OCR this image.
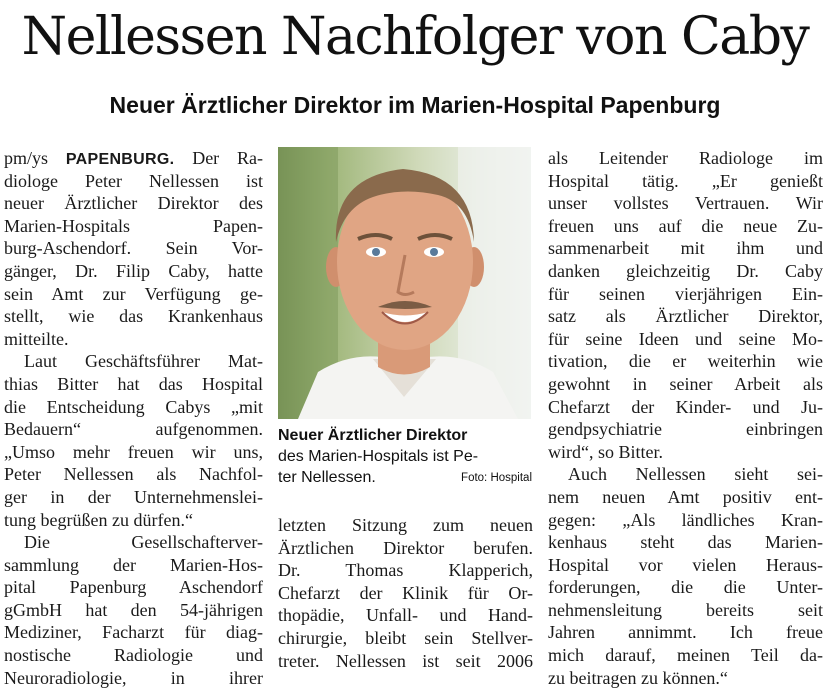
Nellessen Nachfolger von Caby
Neuer Ärztlicher Direktor im Marien-Hospital Papenburg
pm/ys PAPENBURG. Der Ra-
diologe Peter Nellessen ist
neuer Ärztlicher Direktor des
Marien-Hospitals Papen-
burg-Aschendorf. Sein Vor-
gänger, Dr. Filip Caby, hatte
sein Amt zur Verfügung ge-
stellt, wie das Krankenhaus
mitteilte.
Laut Geschäftsführer Mat-
thias Bitter hat das Hospital
die Entscheidung Cabys „mit
Bedauern“ aufgenommen.
„Umso mehr freuen wir uns,
Peter Nellessen als Nachfol-
ger in der Unternehmenslei-
tung begrüßen zu dürfen.“
Die Gesellschafterver-
sammlung der Marien-Hos-
pital Papenburg Aschendorf
gGmbH hat den 54-jährigen
Mediziner, Facharzt für diag-
nostische Radiologie und
Neuroradiologie, in ihrer
Neuer Ärztlicher Direktor
des Marien-Hospitals ist Pe-
ter Nellessen.	Foto: Hospital
letzten Sitzung zum neuen
Ärztlichen Direktor berufen.
Dr. Thomas Klapperich,
Chefarzt der Klinik für Or-
thopädie, Unfall- und Hand-
chirurgie, bleibt sein Stellver-
treter. Nellessen ist seit 2006
als Leitender Radiologe im
Hospital tätig. „Er genießt
unser vollstes Vertrauen. Wir
freuen uns auf die neue Zu-
sammenarbeit mit ihm und
danken gleichzeitig Dr. Caby
für seinen vierjährigen Ein-
satz als Ärztlicher Direktor,
für seine Ideen und seine Mo-
tivation, die er weiterhin wie
gewohnt in seiner Arbeit als
Chefarzt der Kinder- und Ju-
gendpsychiatrie einbringen
wird“, so Bitter.
Auch Nellessen sieht sei-
nem neuen Amt positiv ent-
gegen: „Als ländliches Kran-
kenhaus steht das Marien-
Hospital vor vielen Heraus-
forderungen, die die Unter-
nehmensleitung bereits seit
Jahren annimmt. Ich freue
mich darauf, meinen Teil da-
zu beitragen zu können.“
